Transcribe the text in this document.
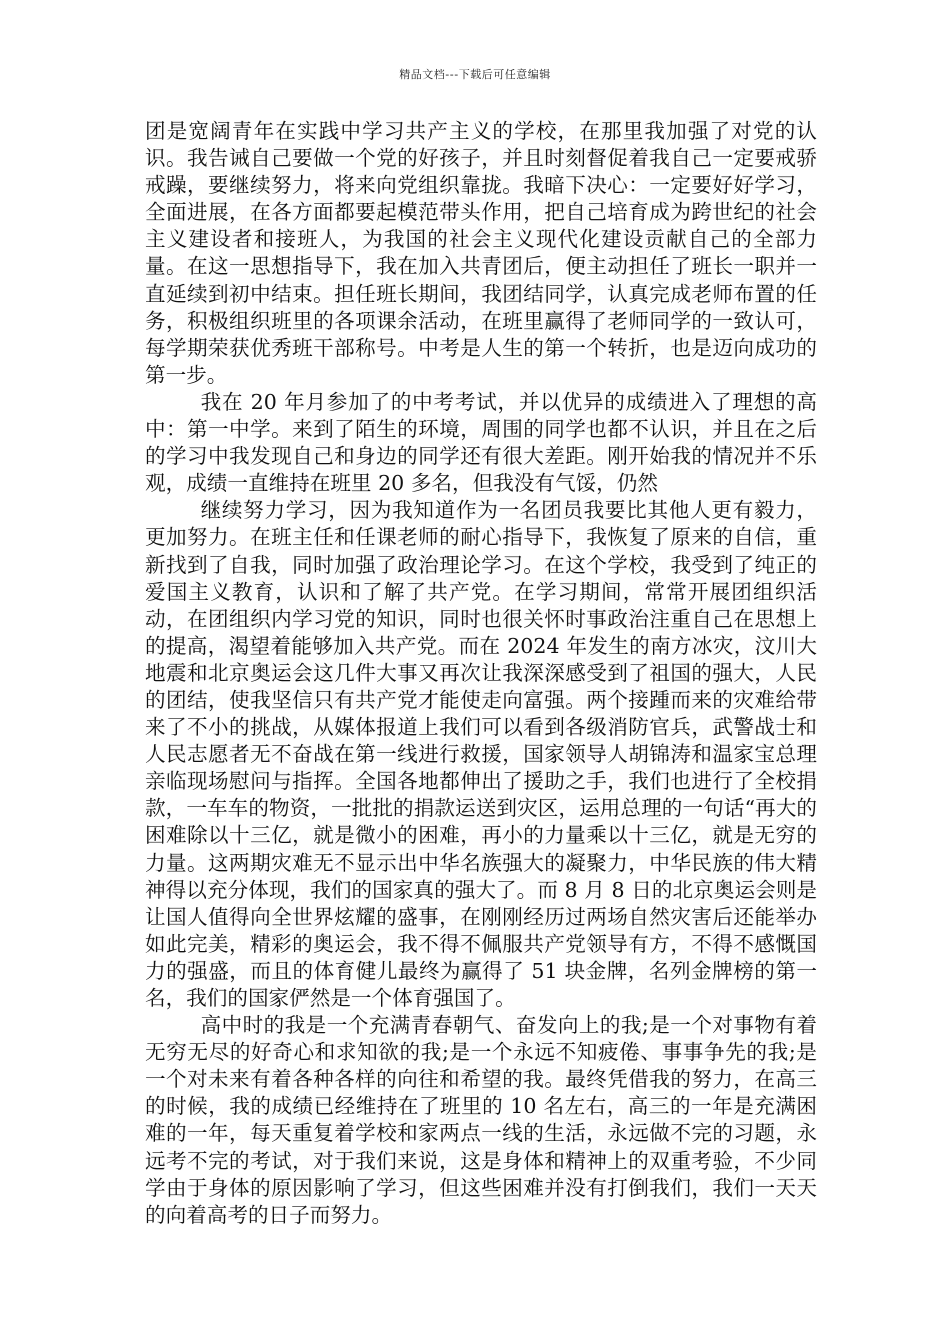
精品文档---下载后可任意编辑

团是宽阔青年在实践中学习共产主义的学校，在那里我加强了对党的认识。我告诫自己要做一个党的好孩子，并且时刻督促着我自己一定要戒骄戒躁，要继续努力，将来向党组织靠拢。我暗下决心：一定要好好学习，全面进展，在各方面都要起模范带头作用，把自己培育成为跨世纪的社会主义建设者和接班人，为我国的社会主义现代化建设贡献自己的全部力量。在这一思想指导下，我在加入共青团后，便主动担任了班长一职并一直延续到初中结束。担任班长期间，我团结同学，认真完成老师布置的任务，积极组织班里的各项课余活动，在班里赢得了老师同学的一致认可，每学期荣获优秀班干部称号。中考是人生的第一个转折，也是迈向成功的第一步。

我在 20 年月参加了的中考考试，并以优异的成绩进入了理想的高中：第一中学。来到了陌生的环境，周围的同学也都不认识，并且在之后的学习中我发现自己和身边的同学还有很大差距。刚开始我的情况并不乐观，成绩一直维持在班里 20 多名，但我没有气馁，仍然

继续努力学习，因为我知道作为一名团员我要比其他人更有毅力，更加努力。在班主任和任课老师的耐心指导下，我恢复了原来的自信，重新找到了自我，同时加强了政治理论学习。在这个学校，我受到了纯正的爱国主义教育，认识和了解了共产党。在学习期间，常常开展团组织活动，在团组织内学习党的知识，同时也很关怀时事政治注重自己在思想上的提高，渴望着能够加入共产党。而在 2024 年发生的南方冰灾，汶川大地震和北京奥运会这几件大事又再次让我深深感受到了祖国的强大，人民的团结，使我坚信只有共产党才能使走向富强。两个接踵而来的灾难给带来了不小的挑战，从媒体报道上我们可以看到各级消防官兵，武警战士和人民志愿者无不奋战在第一线进行救援，国家领导人胡锦涛和温家宝总理亲临现场慰问与指挥。全国各地都伸出了援助之手，我们也进行了全校捐款，一车车的物资，一批批的捐款运送到灾区，运用总理的一句话“再大的困难除以十三亿，就是微小的困难，再小的力量乘以十三亿，就是无穷的力量。这两期灾难无不显示出中华名族强大的凝聚力，中华民族的伟大精神得以充分体现，我们的国家真的强大了。而 8 月 8 日的北京奥运会则是让国人值得向全世界炫耀的盛事，在刚刚经历过两场自然灾害后还能举办如此完美，精彩的奥运会，我不得不佩服共产党领导有方，不得不感慨国力的强盛，而且的体育健儿最终为赢得了 51 块金牌，名列金牌榜的第一名，我们的国家俨然是一个体育强国了。

高中时的我是一个充满青春朝气、奋发向上的我;是一个对事物有着无穷无尽的好奇心和求知欲的我;是一个永远不知疲倦、事事争先的我;是一个对未来有着各种各样的向往和希望的我。最终凭借我的努力，在高三的时候，我的成绩已经维持在了班里的 10 名左右，高三的一年是充满困难的一年，每天重复着学校和家两点一线的生活，永远做不完的习题，永远考不完的考试，对于我们来说，这是身体和精神上的双重考验，不少同学由于身体的原因影响了学习，但这些困难并没有打倒我们，我们一天天的向着高考的日子而努力。
